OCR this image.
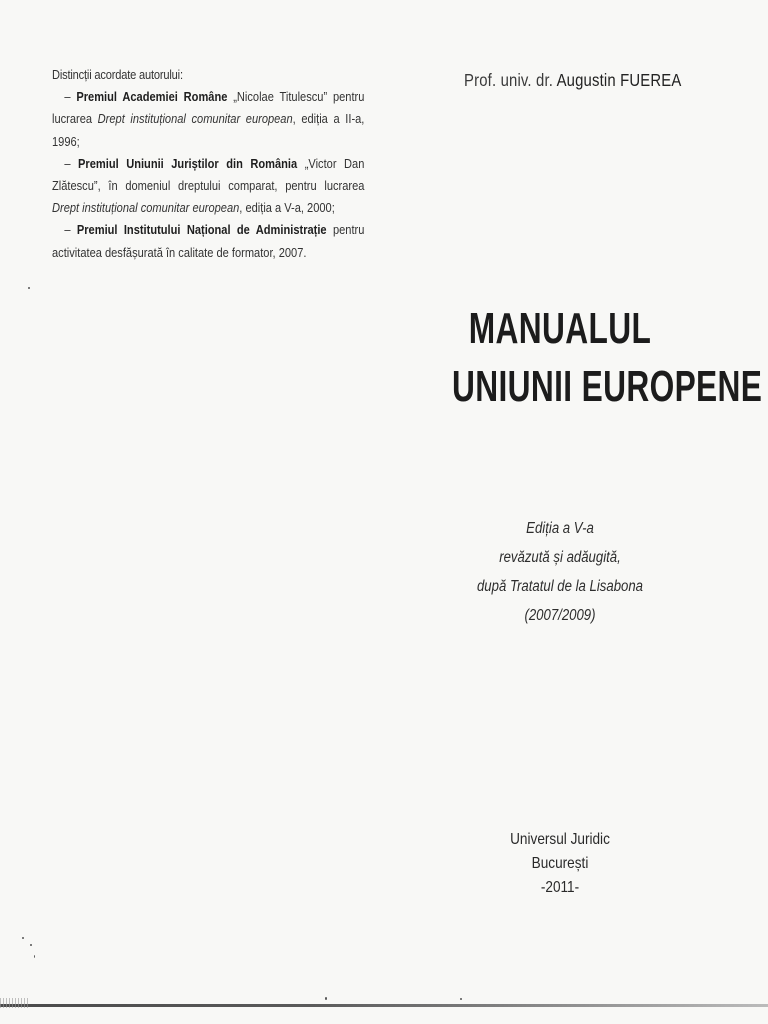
Distincții acordate autorului:
– Premiul Academiei Române „Nicolae Titulescu” pentru lucrarea Drept instituțional comunitar european, ediția a II-a, 1996;
– Premiul Uniunii Juriștilor din România „Victor Dan Zlătescu”, în domeniul dreptului comparat, pentru lucrarea Drept instituțional comunitar european, ediția a V-a, 2000;
– Premiul Institutului Național de Administrație pentru activitatea desfășurată în calitate de formator, 2007.
Prof. univ. dr. Augustin FUEREA
MANUALUL
UNIUNII EUROPENE
Ediția a V-a
revăzută și adăugită,
după Tratatul de la Lisabona
(2007/2009)
Universul Juridic
București
-2011-
